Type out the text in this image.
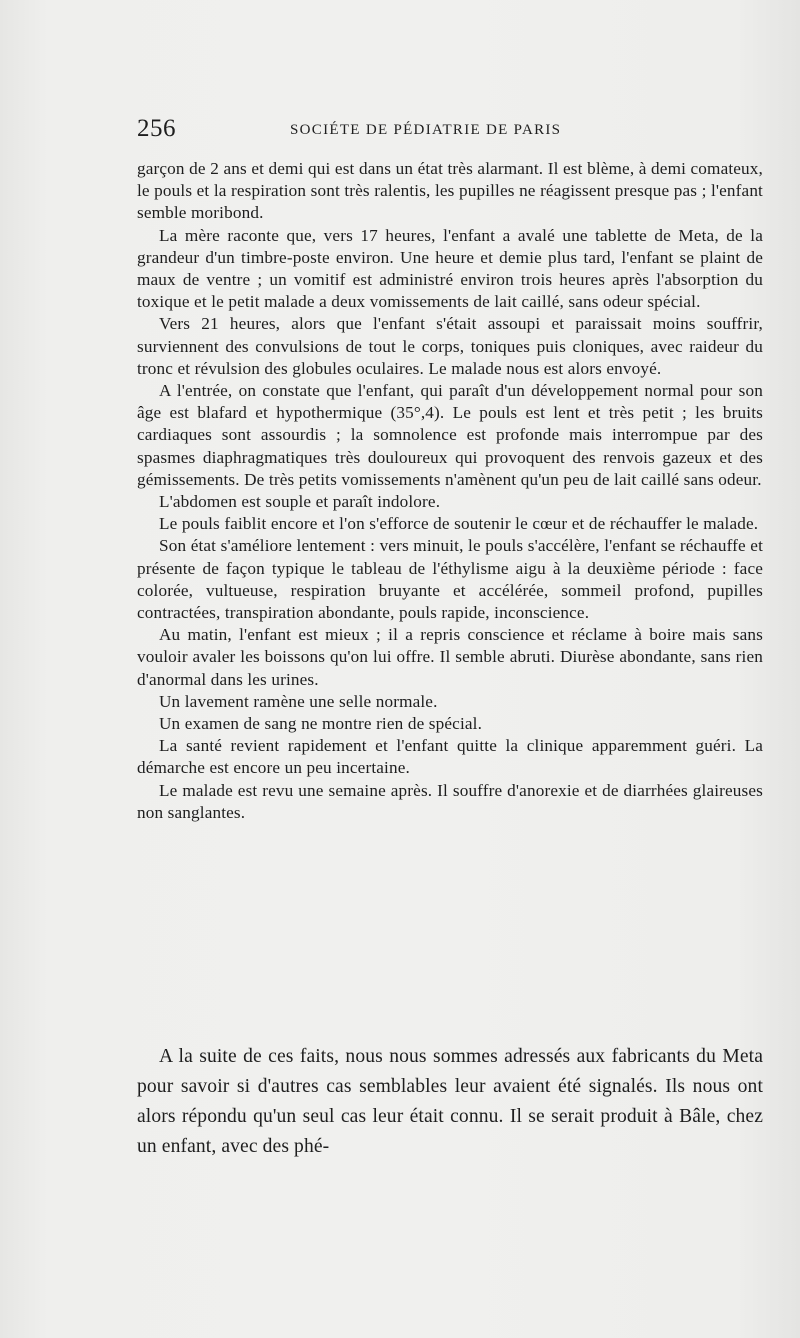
256	SOCIÉTE DE PÉDIATRIE DE PARIS

garçon de 2 ans et demi qui est dans un état très alarmant. Il est blème, à demi comateux, le pouls et la respiration sont très ralentis, les pupilles ne réagissent presque pas ; l'enfant semble moribond.

La mère raconte que, vers 17 heures, l'enfant a avalé une tablette de Meta, de la grandeur d'un timbre-poste environ. Une heure et demie plus tard, l'enfant se plaint de maux de ventre ; un vomitif est administré environ trois heures après l'absorption du toxique et le petit malade a deux vomissements de lait caillé, sans odeur spécial.

Vers 21 heures, alors que l'enfant s'était assoupi et paraissait moins souffrir, surviennent des convulsions de tout le corps, toniques puis cloniques, avec raideur du tronc et révulsion des globules oculaires. Le malade nous est alors envoyé.

A l'entrée, on constate que l'enfant, qui paraît d'un développement normal pour son âge est blafard et hypothermique (35°,4). Le pouls est lent et très petit ; les bruits cardiaques sont assourdis ; la somnolence est profonde mais interrompue par des spasmes diaphragmatiques très douloureux qui provoquent des renvois gazeux et des gémissements. De très petits vomissements n'amènent qu'un peu de lait caillé sans odeur.

L'abdomen est souple et paraît indolore.

Le pouls faiblit encore et l'on s'efforce de soutenir le cœur et de réchauffer le malade.

Son état s'améliore lentement : vers minuit, le pouls s'accélère, l'enfant se réchauffe et présente de façon typique le tableau de l'éthylisme aigu à la deuxième période : face colorée, vultueuse, respiration bruyante et accélérée, sommeil profond, pupilles contractées, transpiration abondante, pouls rapide, inconscience.

Au matin, l'enfant est mieux ; il a repris conscience et réclame à boire mais sans vouloir avaler les boissons qu'on lui offre. Il semble abruti. Diurèse abondante, sans rien d'anormal dans les urines.

Un lavement ramène une selle normale.

Un examen de sang ne montre rien de spécial.

La santé revient rapidement et l'enfant quitte la clinique apparemment guéri. La démarche est encore un peu incertaine.

Le malade est revu une semaine après. Il souffre d'anorexie et de diarrhées glaireuses non sanglantes.

A la suite de ces faits, nous nous sommes adressés aux fabricants du Meta pour savoir si d'autres cas semblables leur avaient été signalés. Ils nous ont alors répondu qu'un seul cas leur était connu. Il se serait produit à Bâle, chez un enfant, avec des phé-
